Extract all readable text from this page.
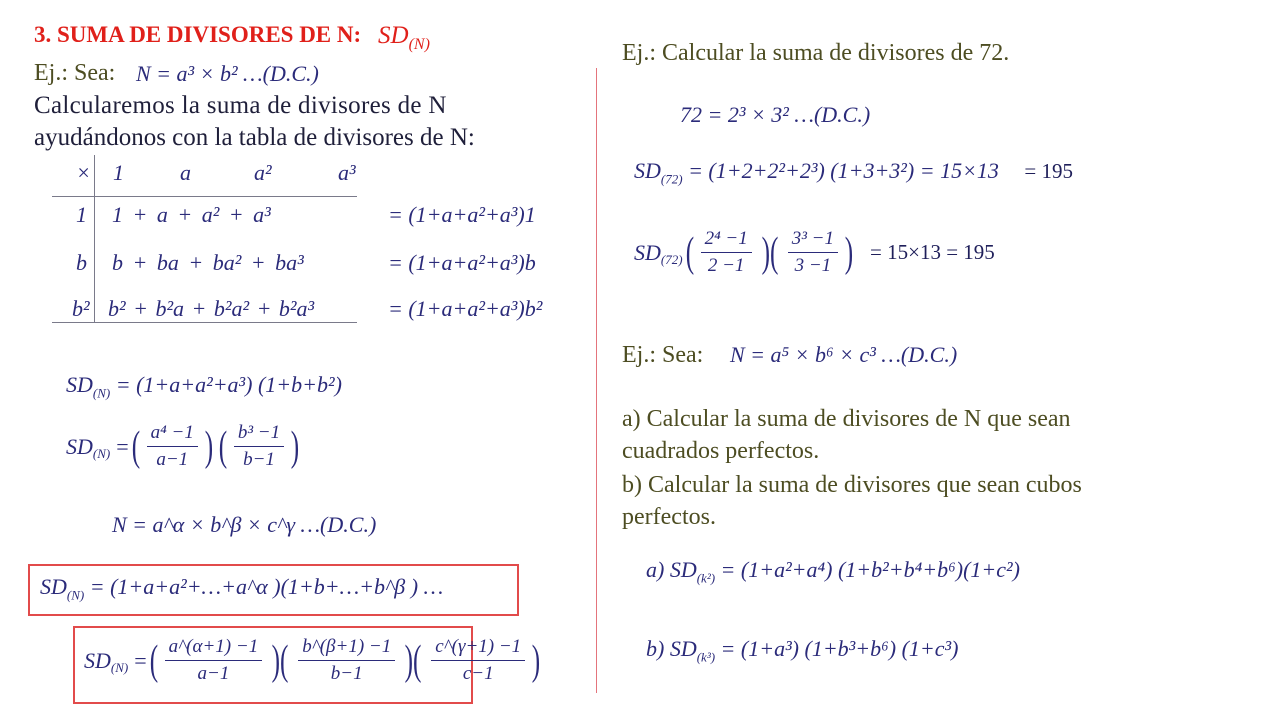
3. SUMA DE DIVISORES DE N: $SD_{(N)}$
Ej.: Sea: N = a³ × b² …(D.C.)
Calcularemos la suma de divisores de N
ayudándonos con la tabla de divisores de N:
× 1	a	a²	a³
1 1 + a + a² + a³	= (1+a+a²+a³)1
b b + ba + ba² + ba³	= (1+a+a²+a³)b
b² b² + b²a + b²a² + b²a³	= (1+a+a²+a³)b²
$SD_{(N)} = (1+a+a^2+a^3)$ (1+b+b²)
$SD_{(N)}$ = ( $\frac{\text{a⁴ −1}}{a-1}$ ) ( $\frac{\text{b³ −1}}{b-1}$ )
N = a^α × b^β × c^γ …(D.C.)
$SD_{(N)}$ = (1+a+a²+…+a^α )(1+b+…+b^β ) …
$SD_{(N)}$ = ( $\frac{a\^{}(\alpha+1) -1}{a-1}$ )( $\frac{b\^{}(\beta+1) -1}{b-1}$ )( $\frac{c\^{}(\gamma+1) -1}{c-1}$ )
Ej.: Calcular la suma de divisores de 72.
72 = 2³ × 3² …(D.C.)
$SD_{(72)} = (1+2+2^2+2^3) (1+3+3^2) = 15\times 13 = 195$
$SD_{(72)}$ ( $\frac{\text{2⁴ −1}}{2 -1}$ )( $\frac{\text{3³ −1}}{3 -1}$ ) = 15×13 = 195
Ej.: Sea: N = a⁵ × b⁶ × c³ …(D.C.)
a) Calcular la suma de divisores de N que sean
cuadrados perfectos.
b) Calcular la suma de divisores que sean cubos
perfectos.
a) $SD_{(k^2)} = (1+a^2+a^4)$ (1+b²+b⁴+b⁶)(1+c²)
b) $SD_{(k^3)} = (1+a^3)$ (1+b³+b⁶) (1+c³)
